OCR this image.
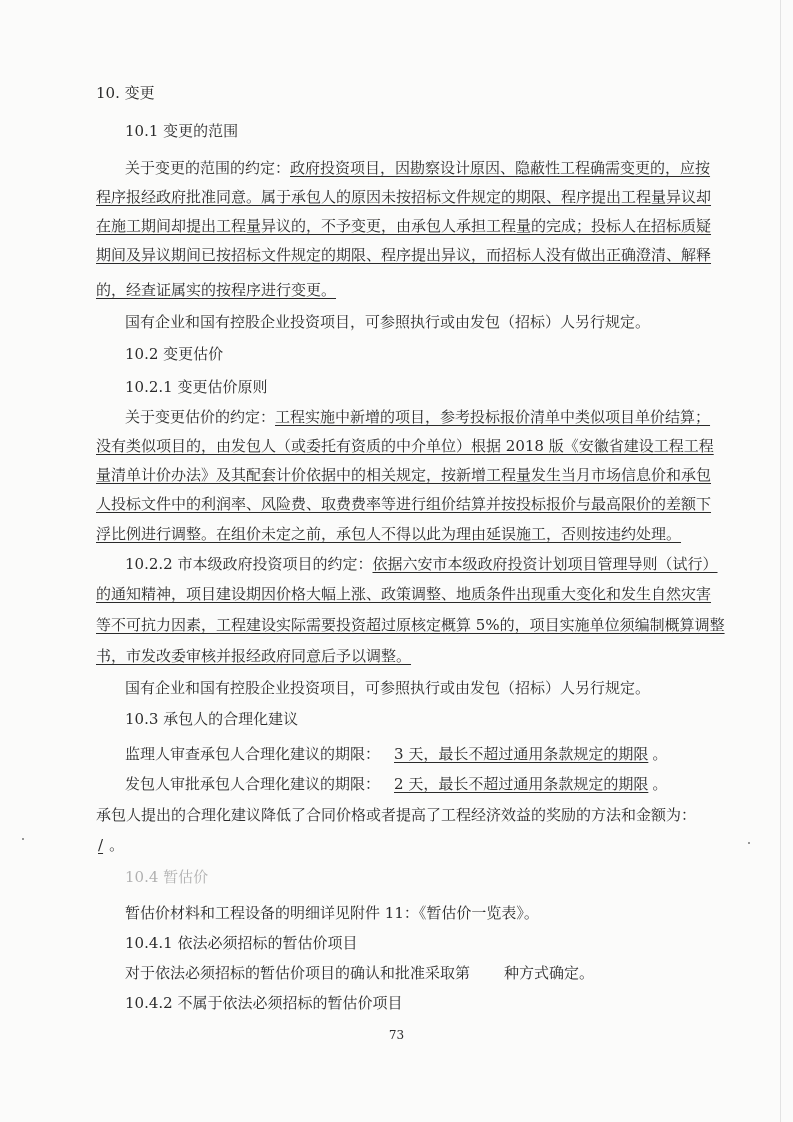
10. 变更
10.1 变更的范围
关于变更的范围的约定：政府投资项目，因勘察设计原因、隐蔽性工程确需变更的，应按
程序报经政府批准同意。属于承包人的原因未按招标文件规定的期限、程序提出工程量异议却
在施工期间却提出工程量异议的，不予变更，由承包人承担工程量的完成；投标人在招标质疑
期间及异议期间已按招标文件规定的期限、程序提出异议，而招标人没有做出正确澄清、解释
的，经查证属实的按程序进行变更。
国有企业和国有控股企业投资项目，可参照执行或由发包（招标）人另行规定。
10.2 变更估价
10.2.1 变更估价原则
关于变更估价的约定：工程实施中新增的项目，参考投标报价清单中类似项目单价结算；
没有类似项目的，由发包人（或委托有资质的中介单位）根据 2018 版《安徽省建设工程工程
量清单计价办法》及其配套计价依据中的相关规定，按新增工程量发生当月市场信息价和承包
人投标文件中的利润率、风险费、取费费率等进行组价结算并按投标报价与最高限价的差额下
浮比例进行调整。在组价未定之前，承包人不得以此为理由延误施工，否则按违约处理。
10.2.2 市本级政府投资项目的约定：依据六安市本级政府投资计划项目管理导则（试行）
的通知精神，项目建设期因价格大幅上涨、政策调整、地质条件出现重大变化和发生自然灾害
等不可抗力因素，工程建设实际需要投资超过原核定概算 5%的，项目实施单位须编制概算调整
书，市发改委审核并报经政府同意后予以调整。
国有企业和国有控股企业投资项目，可参照执行或由发包（招标）人另行规定。
10.3 承包人的合理化建议
监理人审查承包人合理化建议的期限： 3 天，最长不超过通用条款规定的期限 。
发包人审批承包人合理化建议的期限： 2 天，最长不超过通用条款规定的期限 。
承包人提出的合理化建议降低了合同价格或者提高了工程经济效益的奖励的方法和金额为：
/ 。
10.4 暂估价
暂估价材料和工程设备的明细详见附件 11：《暂估价一览表》。
10.4.1 依法必须招标的暂估价项目
对于依法必须招标的暂估价项目的确认和批准采取第 种方式确定。
10.4.2 不属于依法必须招标的暂估价项目
73
